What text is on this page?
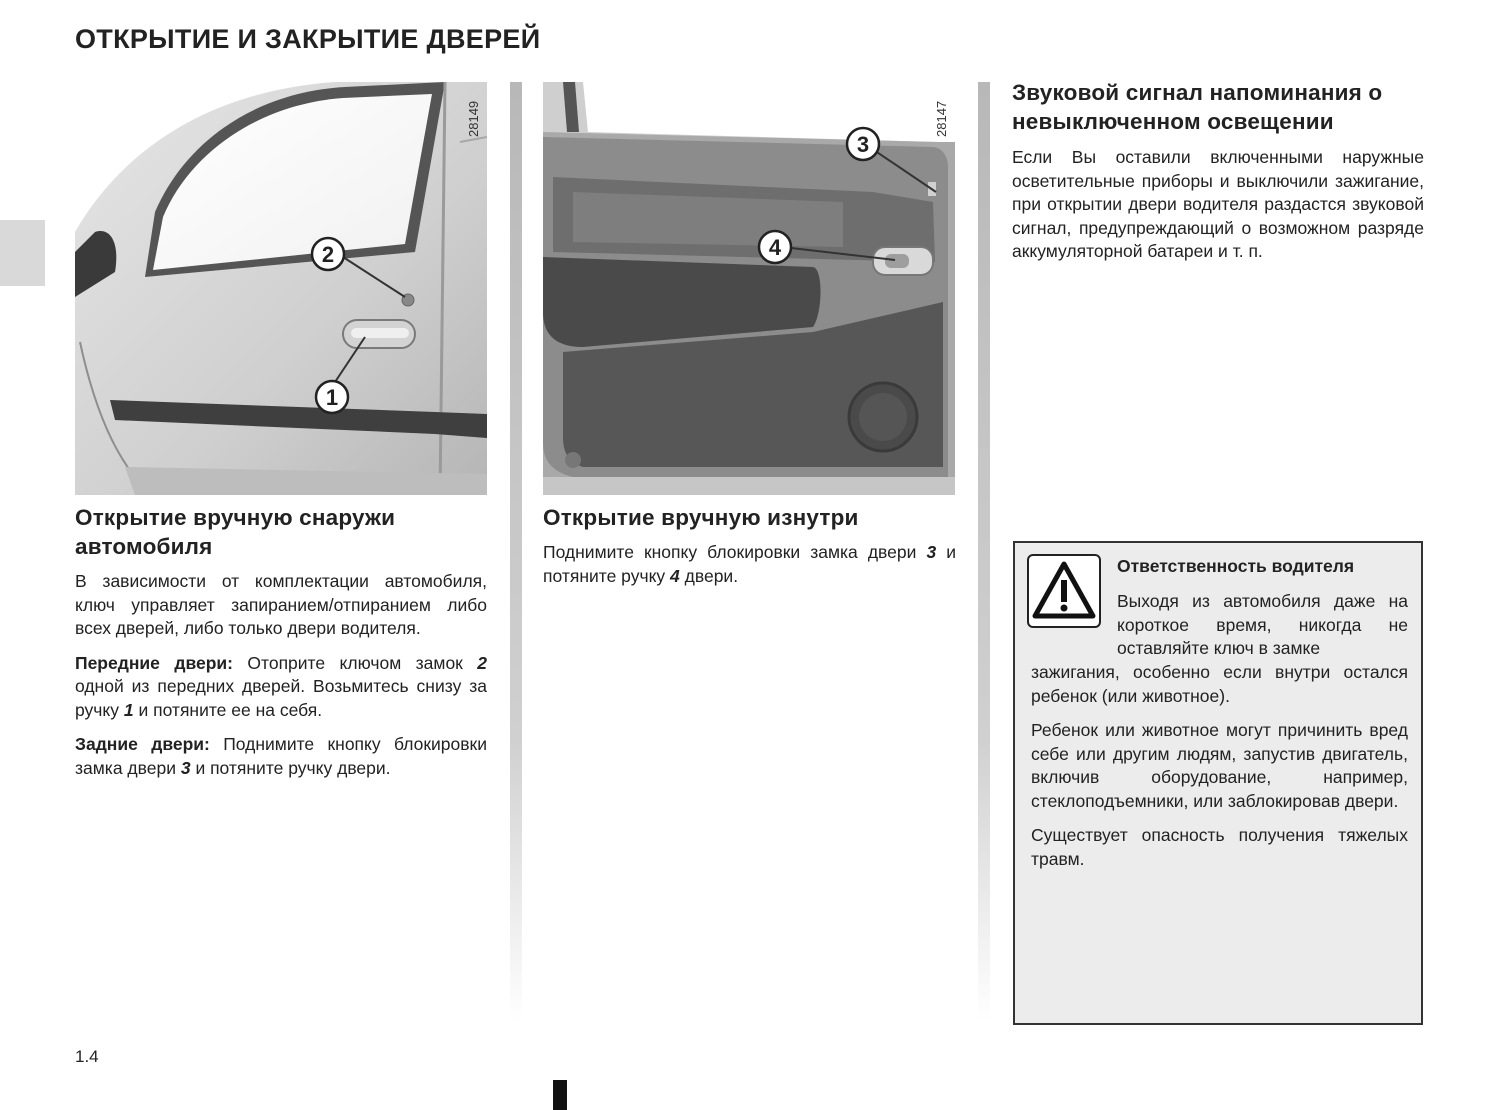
ОТКРЫТИЕ И ЗАКРЫТИЕ ДВЕРЕЙ
2
1
28149
3
4
28147
Открытие вручную снаружи автомобиля

В зависимости от комплектации автомобиля, ключ управляет запиранием/отпиранием либо всех дверей, либо только двери водителя.

Передние двери: Отоприте ключом замок 2 одной из передних дверей. Возьмитесь снизу за ручку 1 и потяните ее на себя.

Задние двери: Поднимите кнопку блокировки замка двери 3 и потяните ручку двери.

Открытие вручную изнутри

Поднимите кнопку блокировки замка двери 3 и потяните ручку 4 двери.

Звуковой сигнал напоминания о невыключенном освещении

Если Вы оставили включенными наружные осветительные приборы и выключили зажигание, при открытии двери водителя раздастся звуковой сигнал, предупреждающий о возможном разряде аккумуляторной батареи и т. п.

Ответственность водителя

Выходя из автомобиля даже на короткое время, никогда не оставляйте ключ в замке

зажигания, особенно если внутри остался ребенок (или животное).

Ребенок или животное могут причинить вред себе или другим людям, запустив двигатель, включив оборудование, например, стеклоподъемники, или заблокировав двери.

Существует опасность получения тяжелых травм.

1.4
